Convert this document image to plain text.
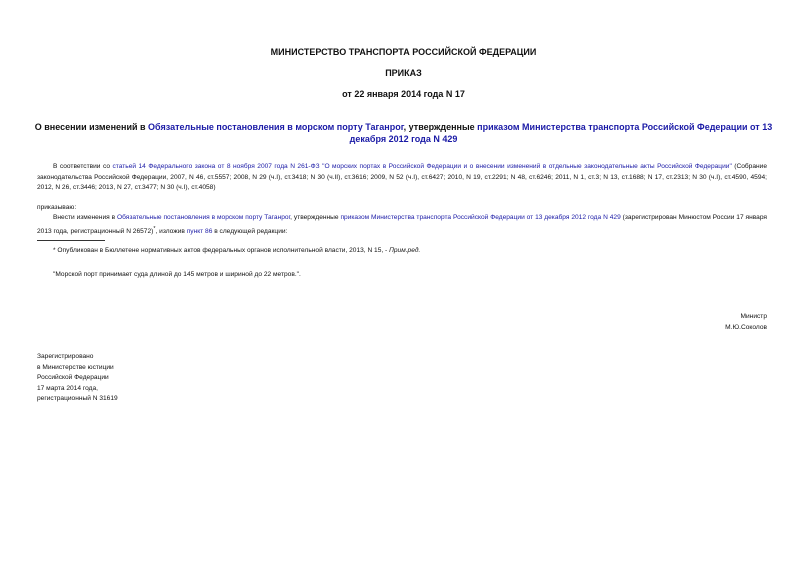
МИНИСТЕРСТВО ТРАНСПОРТА РОССИЙСКОЙ ФЕДЕРАЦИИ
ПРИКАЗ
от 22 января 2014 года N 17
О внесении изменений в Обязательные постановления в морском порту Таганрог, утвержденные приказом Министерства транспорта Российской Федерации от 13 декабря 2012 года N 429
В соответствии со статьей 14 Федерального закона от 8 ноября 2007 года N 261-ФЗ "О морских портах в Российской Федерации и о внесении изменений в отдельные законодательные акты Российской Федерации" (Собрание законодательства Российской Федерации, 2007, N 46, ст.5557; 2008, N 29 (ч.I), ст.3418; N 30 (ч.II), ст.3616; 2009, N 52 (ч.I), ст.6427; 2010, N 19, ст.2291; N 48, ст.6246; 2011, N 1, ст.3; N 13, ст.1688; N 17, ст.2313; N 30 (ч.I), ст.4590, 4594; 2012, N 26, ст.3446; 2013, N 27, ст.3477; N 30 (ч.I), ст.4058)
приказываю:
Внести изменения в Обязательные постановления в морском порту Таганрог, утвержденные приказом Министерства транспорта Российской Федерации от 13 декабря 2012 года N 429 (зарегистрирован Минюстом России 17 января 2013 года, регистрационный N 26572)*, изложив пункт 86 в следующей редакции:
* Опубликован в Бюллетене нормативных актов федеральных органов исполнительной власти, 2013, N 15, - Прим.ред.
"Морской порт принимает суда длиной до 145 метров и шириной до 22 метров.".
Министр
М.Ю.Соколов
Зарегистрировано
в Министерстве юстиции
Российской Федерации
17 марта 2014 года,
регистрационный N 31619
